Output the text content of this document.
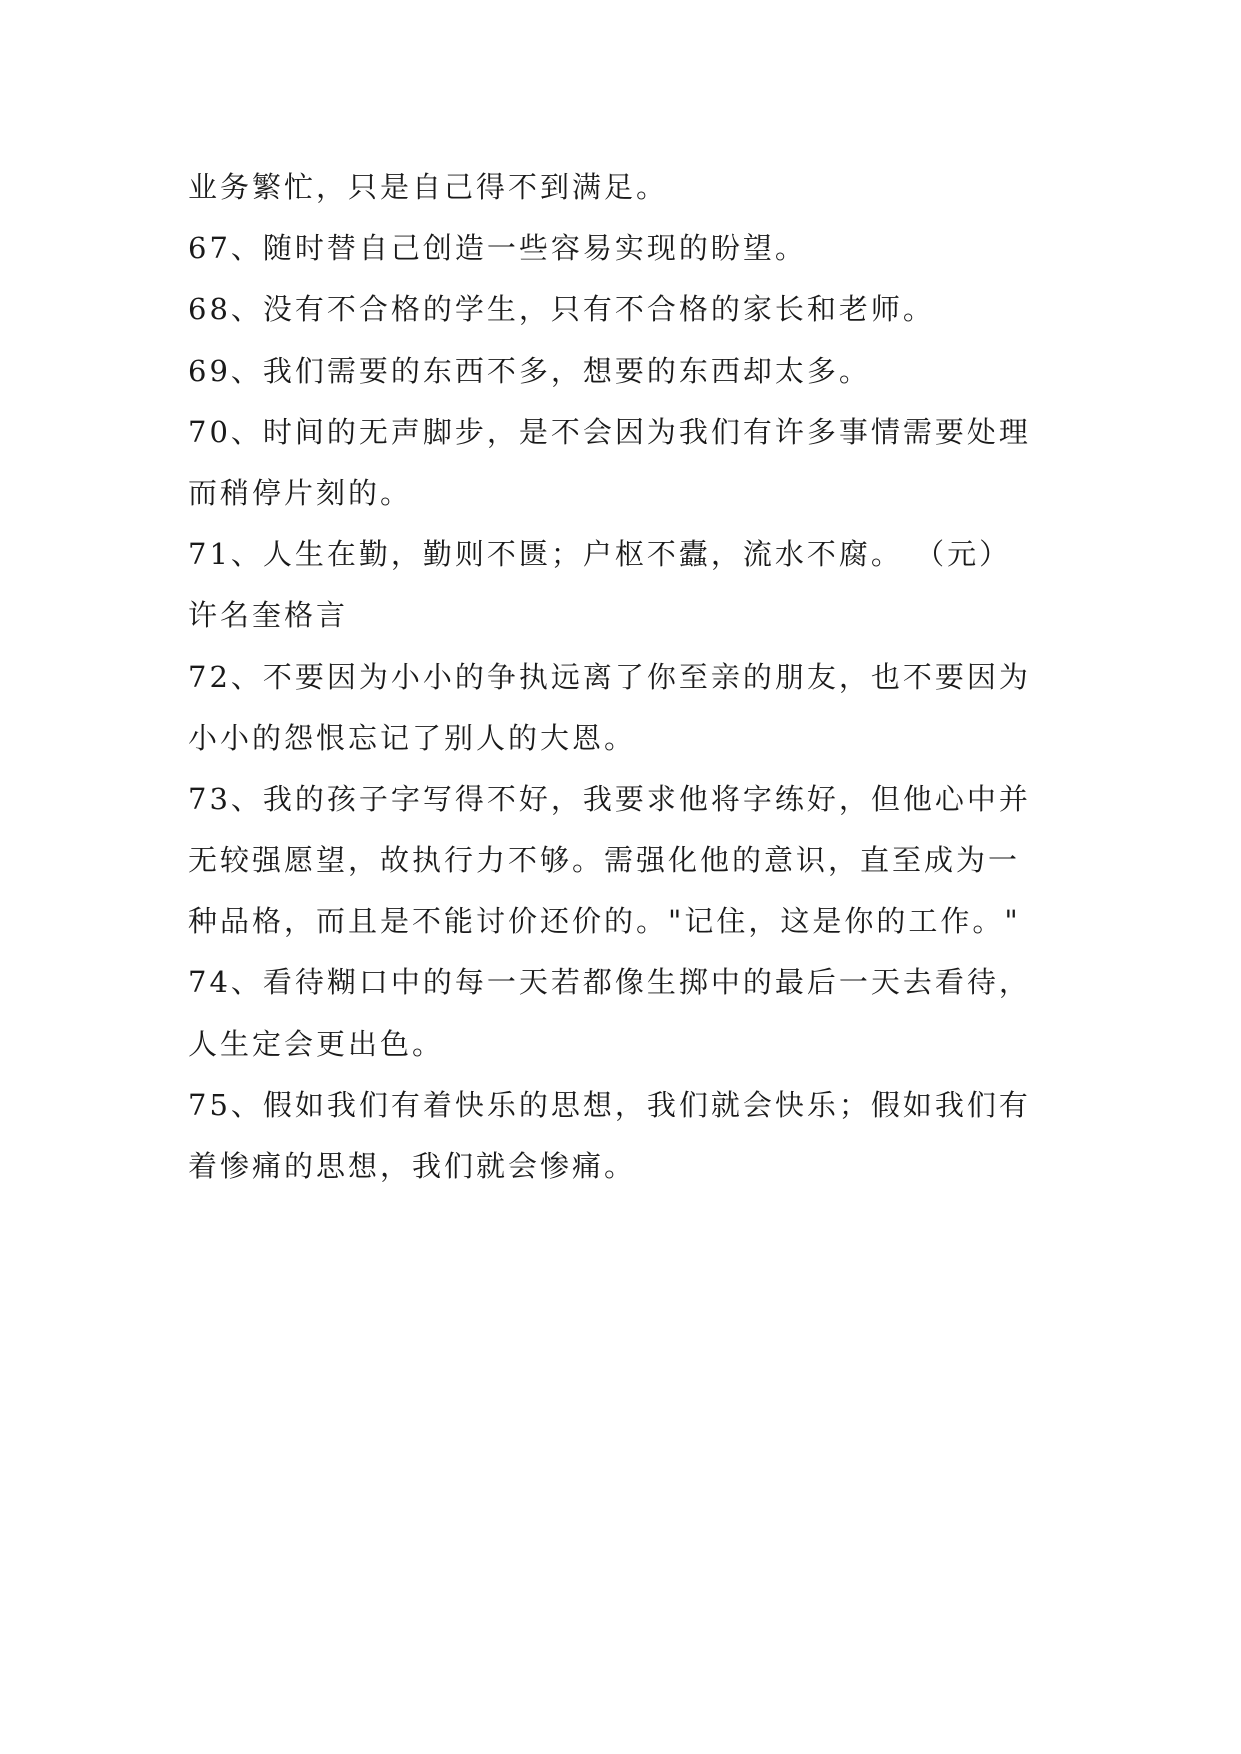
业务繁忙，只是自己得不到满足。
67、随时替自己创造一些容易实现的盼望。
68、没有不合格的学生，只有不合格的家长和老师。
69、我们需要的东西不多，想要的东西却太多。
70、时间的无声脚步，是不会因为我们有许多事情需要处理
而稍停片刻的。
71、人生在勤，勤则不匮；户枢不蠹，流水不腐。 （元）
许名奎格言
72、不要因为小小的争执远离了你至亲的朋友，也不要因为
小小的怨恨忘记了别人的大恩。
73、我的孩子字写得不好，我要求他将字练好，但他心中并
无较强愿望，故执行力不够。需强化他的意识，直至成为一
种品格，而且是不能讨价还价的。"记住，这是你的工作。"
74、看待糊口中的每一天若都像生掷中的最后一天去看待，
人生定会更出色。
75、假如我们有着快乐的思想，我们就会快乐；假如我们有
着惨痛的思想，我们就会惨痛。
